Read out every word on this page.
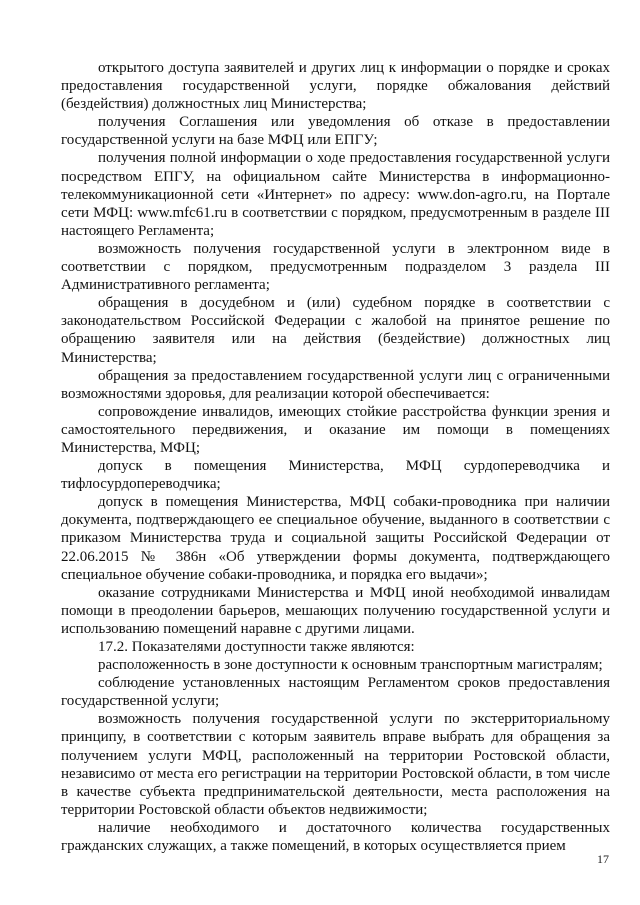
открытого доступа заявителей и других лиц к информации о порядке и сроках предоставления государственной услуги, порядке обжалования действий (бездействия) должностных лиц Министерства;

получения Соглашения или уведомления об отказе в предоставлении государственной услуги на базе МФЦ или ЕПГУ;

получения полной информации о ходе предоставления государственной услуги посредством ЕПГУ, на официальном сайте Министерства в информационно-телекоммуникационной сети «Интернет» по адресу: www.don-agro.ru, на Портале сети МФЦ: www.mfc61.ru в соответствии с порядком, предусмотренным в разделе III настоящего Регламента;

возможность получения государственной услуги в электронном виде в соответствии с порядком, предусмотренным подразделом 3 раздела III Административного регламента;

обращения в досудебном и (или) судебном порядке в соответствии с законодательством Российской Федерации с жалобой на принятое решение по обращению заявителя или на действия (бездействие) должностных лиц Министерства;

обращения за предоставлением государственной услуги лиц с ограниченными возможностями здоровья, для реализации которой обеспечивается:

сопровождение инвалидов, имеющих стойкие расстройства функции зрения и самостоятельного передвижения, и оказание им помощи в помещениях Министерства, МФЦ;

допуск в помещения Министерства, МФЦ сурдопереводчика и тифлосурдопереводчика;

допуск в помещения Министерства, МФЦ собаки-проводника при наличии документа, подтверждающего ее специальное обучение, выданного в соответствии с приказом Министерства труда и социальной защиты Российской Федерации от 22.06.2015 № 386н «Об утверждении формы документа, подтверждающего специальное обучение собаки-проводника, и порядка его выдачи»;

оказание сотрудниками Министерства и МФЦ иной необходимой инвалидам помощи в преодолении барьеров, мешающих получению государственной услуги и использованию помещений наравне с другими лицами.

17.2. Показателями доступности также являются:

расположенность в зоне доступности к основным транспортным магистралям;

соблюдение установленных настоящим Регламентом сроков предоставления государственной услуги;

возможность получения государственной услуги по экстерриториальному принципу, в соответствии с которым заявитель вправе выбрать для обращения за получением услуги МФЦ, расположенный на территории Ростовской области, независимо от места его регистрации на территории Ростовской области, в том числе в качестве субъекта предпринимательской деятельности, места расположения на территории Ростовской области объектов недвижимости;

наличие необходимого и достаточного количества государственных гражданских служащих, а также помещений, в которых осуществляется прием

17
